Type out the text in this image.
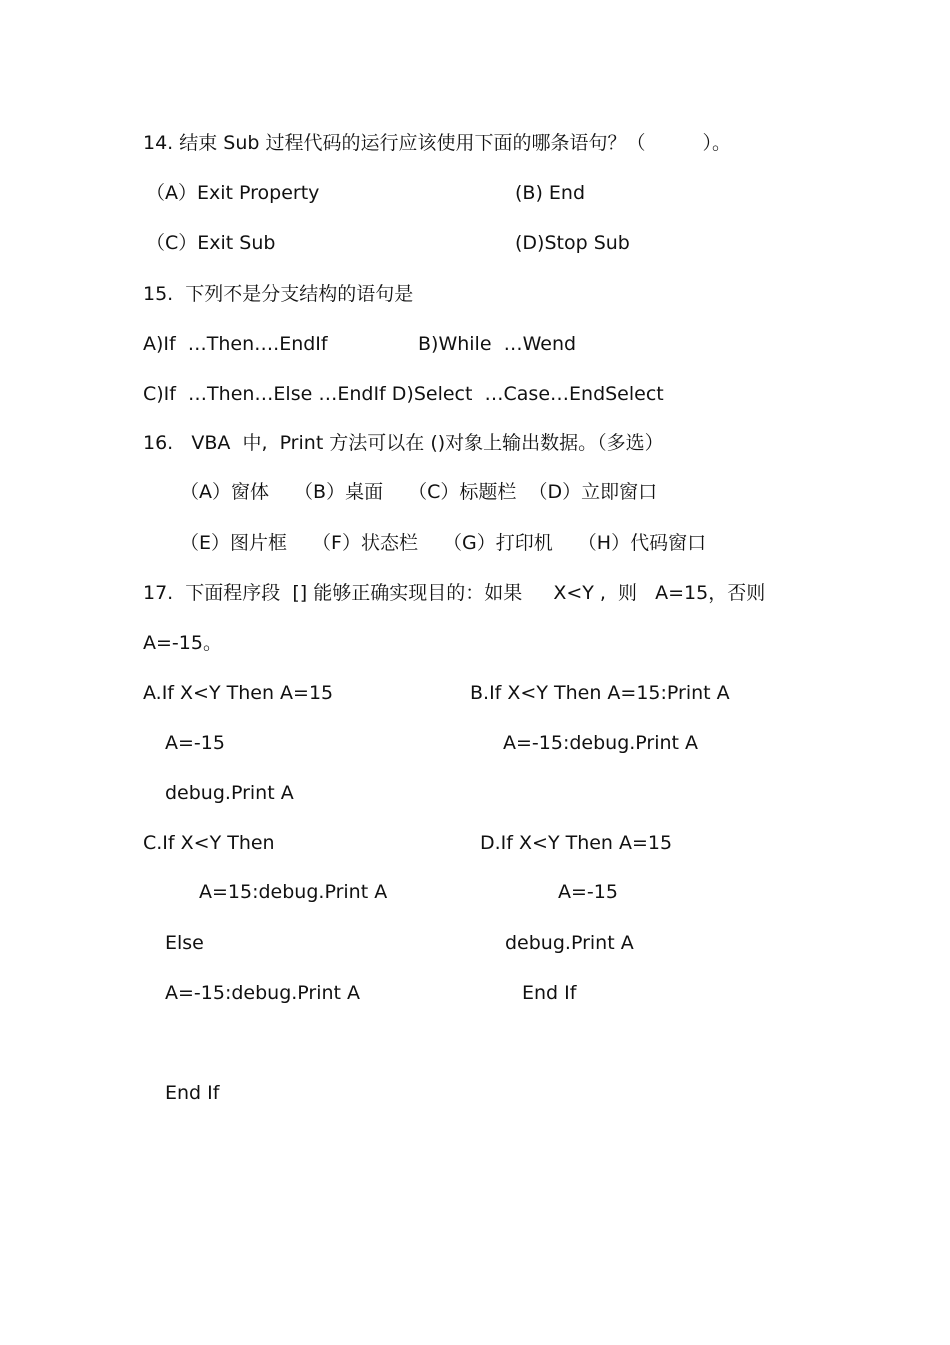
14. 结束 Sub 过程代码的运行应该使用下面的哪条语句？（　　　）。
（A）Exit Property	(B) End
（C）Exit Sub	(D)Stop Sub
15.  下列不是分支结构的语句是
A)If  …Then….EndIf	B)While  …Wend
C)If  …Then…Else …EndIf D)Select  …Case…EndSelect
16.   VBA  中,  Print 方法可以在 ()对象上输出数据。（多选）
（A）窗体　 （B）桌面　 （C）标题栏  （D）立即窗口
（E）图片框　 （F）状态栏　 （G）打印机　 （H）代码窗口
17.  下面程序段  [] 能够正确实现目的：如果　  X<Y ,  则   A=15，否则
A=-15。
A.If X<Y Then A=15
A=-15
debug.Print A
B.If X<Y Then A=15:Print A
A=-15:debug.Print A
C.If X<Y Then
A=15:debug.Print A
Else
A=-15:debug.Print A
End If
D.If X<Y Then A=15
A=-15
debug.Print A
End If
